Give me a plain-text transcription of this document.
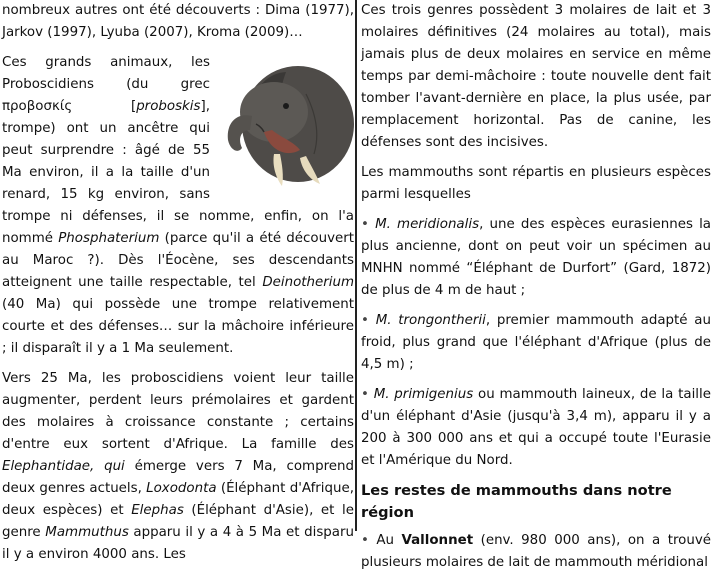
nombreux autres ont été découverts : Dima (1977), Jarkov (1997), Lyuba (2007), Kroma (2009)…

Ces grands animaux, les Proboscidiens (du grec προβοσκίς [proboskis], trompe) ont un ancêtre qui peut surprendre : âgé de 55 Ma environ, il a la taille d'un renard, 15 kg environ, sans trompe ni défenses, il se nomme, enfin, on l'a nommé Phosphaterium (parce qu'il a été découvert au Maroc ?). Dès l'Éocène, ses descendants atteignent une taille respectable, tel Deinotherium (40 Ma) qui possède une trompe relativement courte et des défenses… sur la mâchoire inférieure ; il disparaît il y a 1 Ma seulement.

Vers 25 Ma, les proboscidiens voient leur taille augmenter, perdent leurs prémolaires et gardent des molaires à croissance constante ; certains d'entre eux sortent d'Afrique. La famille des Elephantidae, qui émerge vers 7 Ma, comprend deux genres actuels, Loxodonta (Éléphant d'Afrique, deux espèces) et Elephas (Éléphant d'Asie), et le genre Mammuthus apparu il y a 4 à 5 Ma et disparu il y a environ 4000 ans. Les

Ces trois genres possèdent 3 molaires de lait et 3 molaires définitives (24 molaires au total), mais jamais plus de deux molaires en service en même temps par demi-mâchoire : toute nouvelle dent fait tomber l'avant-dernière en place, la plus usée, par remplacement horizontal. Pas de canine, les défenses sont des incisives.

Les mammouths sont répartis en plusieurs espèces parmi lesquelles

• M. meridionalis, une des espèces eurasiennes la plus ancienne, dont on peut voir un spécimen au MNHN nommé “Éléphant de Durfort” (Gard, 1872) de plus de 4 m de haut ;

• M. trongontherii, premier mammouth adapté au froid, plus grand que l'éléphant d'Afrique (plus de 4,5 m) ;

• M. primigenius ou mammouth laineux, de la taille d'un éléphant d'Asie (jusqu'à 3,4 m), apparu il y a 200 à 300 000 ans et qui a occupé toute l'Eurasie et l'Amérique du Nord.

Les restes de mammouths dans notre région

• Au Vallonnet (env. 980 000 ans), on a trouvé plusieurs molaires de lait de mammouth méridional
